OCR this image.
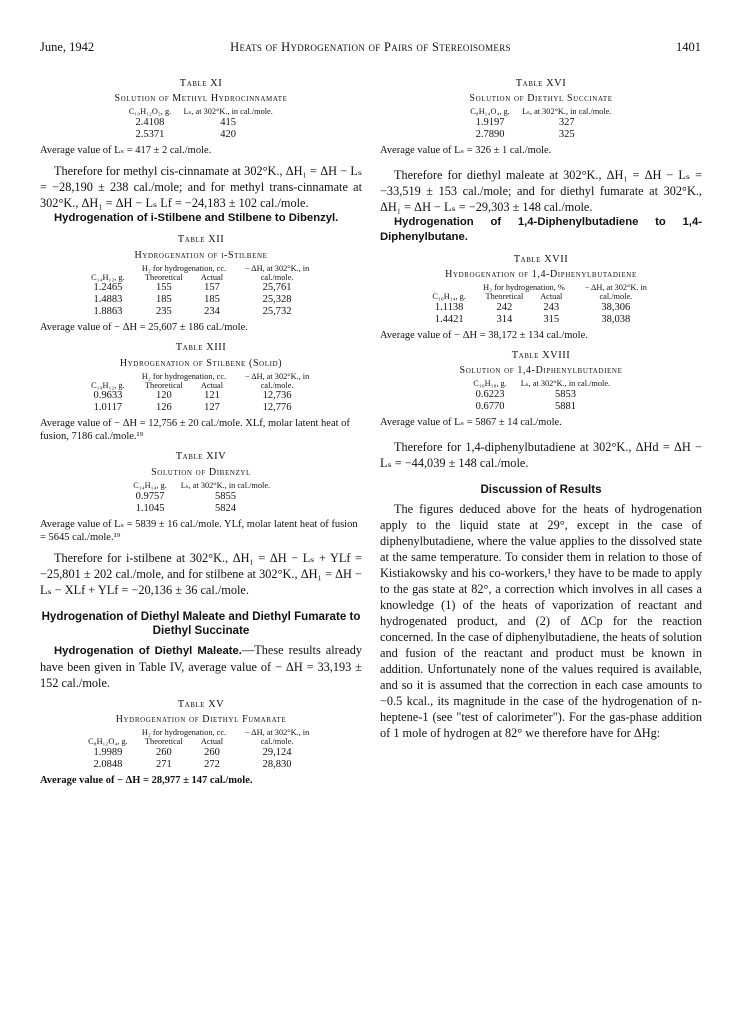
June, 1942	Heats of Hydrogenation of Pairs of Stereoisomers	1401
Table XI
Solution of Methyl Hydrocinnamate
C₁₀H₁₂O₂, g.	Lₛ, at 302°K., in cal./mole.
2.4108	415
2.5371	420
Average value of Lₛ = 417 ± 2 cal./mole.

Therefore for methyl cis-cinnamate at 302°K., ΔH₁ = ΔH − Lₛ = −28,190 ± 238 cal./mole; and for methyl trans-cinnamate at 302°K., ΔH₁ = ΔH − Lₛ Lf = −24,183 ± 102 cal./mole.

Hydrogenation of i-Stilbene and Stilbene to Dibenzyl.

Table XII
Hydrogenation of i-Stilbene
C₁₄H₁₂, g.	H₂ for hydrogenation, cc.		− ΔH, at 302°K., in cal./mole.
	Theoretical	Actual	
1.2465	155	157	25,761
1.4883	185	185	25,328
1.8863	235	234	25,732
Average value of − ΔH = 25,607 ± 186 cal./mole.
Table XIII
Hydrogenation of Stilbene (Solid)
C₁₄H₁₂, g.	H₂ for hydrogenation, cc.		− ΔH, at 302°K., in cal./mole.
	Theoretical	Actual	
0.9633	120	121	12,736
1.0117	126	127	12,776
Average value of − ΔH = 12,756 ± 20 cal./mole. XLf, molar latent heat of fusion, 7186 cal./mole.¹⁹
Table XIV
Solution of Dibenzyl
C₁₄H₁₄, g.	Lₛ, at 302°K., in cal./mole.
0.9757	5855
1.1045	5824
Average value of Lₛ = 5839 ± 16 cal./mole. YLf, molar latent heat of fusion = 5645 cal./mole.¹⁹

Therefore for i-stilbene at 302°K., ΔH₁ = ΔH − Lₛ + YLf = −25,801 ± 202 cal./mole, and for stilbene at 302°K., ΔH₁ = ΔH − Lₛ − XLf + YLf = −20,136 ± 36 cal./mole.

Hydrogenation of Diethyl Maleate and Diethyl Fumarate to Diethyl Succinate

Hydrogenation of Diethyl Maleate.—These results already have been given in Table IV, average value of − ΔH = 33,193 ± 152 cal./mole.

Table XV
Hydrogenation of Diethyl Fumarate
C₈H₁₂O₄, g.	H₂ for hydrogenation, cc.		− ΔH, at 302°K., in cal./mole.
	Theoretical	Actual	
1.9989	260	260	29,124
2.0848	271	272	28,830
Average value of − ΔH = 28,977 ± 147 cal./mole.
Table XVI
Solution of Diethyl Succinate
C₈H₁₄O₄, g.	Lₛ, at 302°K., in cal./mole.
1.9197	327
2.7890	325
Average value of Lₛ = 326 ± 1 cal./mole.

Therefore for diethyl maleate at 302°K., ΔH₁ = ΔH − Lₛ = −33,519 ± 153 cal./mole; and for diethyl fumarate at 302°K., ΔH₁ = ΔH − Lₛ = −29,303 ± 148 cal./mole.

Hydrogenation of 1,4-Diphenylbutadiene to 1,4-Diphenylbutane.

Table XVII
Hydrogenation of 1,4-Diphenylbutadiene
C₁₆H₁₄, g.	H₂ for hydrogenation, %		− ΔH, at 302°K. in cal./mole.
	Theoretical	Actual	
1.1138	242	243	38,306
1.4421	314	315	38,038
Average value of − ΔH = 38,172 ± 134 cal./mole.
Table XVIII
Solution of 1,4-Diphenylbutadiene
C₁₆H₁₈, g.	Lₛ, at 302°K., in cal./mole.
0.6223	5853
0.6770	5881
Average value of Lₛ = 5867 ± 14 cal./mole.

Therefore for 1,4-diphenylbutadiene at 302°K., ΔHd = ΔH − Lₛ = −44,039 ± 148 cal./mole.

Discussion of Results

The figures deduced above for the heats of hydrogenation apply to the liquid state at 29°, except in the case of diphenylbutadiene, where the value applies to the dissolved state at the same temperature. To consider them in relation to those of Kistiakowsky and his co-workers,¹ they have to be made to apply to the gas state at 82°, a correction which involves in all cases a knowledge (1) of the heats of vaporization of reactant and hydrogenated product, and (2) of ΔCp for the reaction concerned. In the case of diphenylbutadiene, the heats of solution and fusion of the reactant and product must be known in addition. Unfortunately none of the values required is available, and so it is assumed that the correction in each case amounts to −0.5 kcal., its magnitude in the case of the hydrogenation of n-heptene-1 (see "test of calorimeter"). For the gas-phase addition of 1 mole of hydrogen at 82° we therefore have for ΔHg:
